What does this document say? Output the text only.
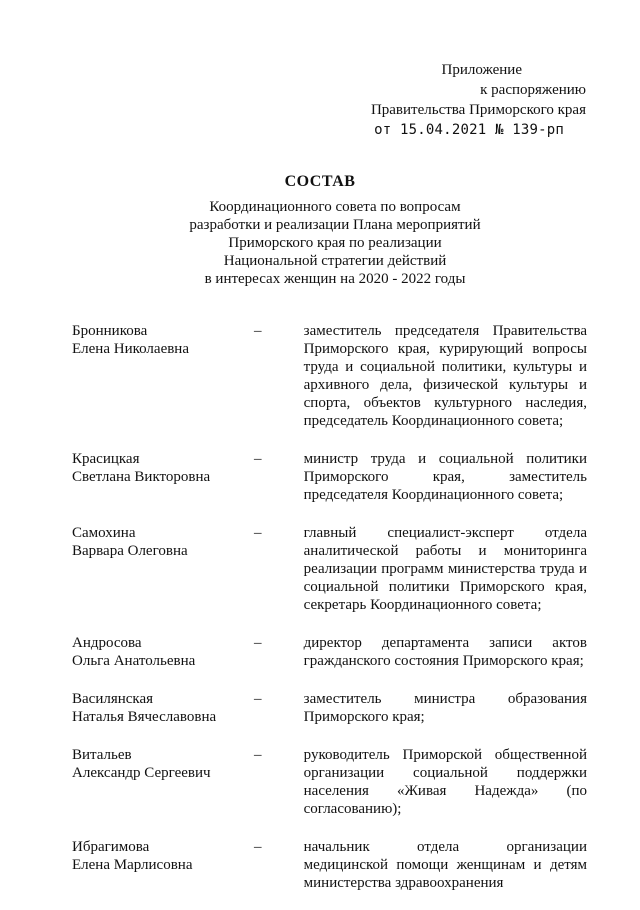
Приложение
к распоряжению
Правительства Приморского края
от 15.04.2021 № 139-рп
СОСТАВ
Координационного совета по вопросам
разработки и реализации Плана мероприятий
Приморского края по реализации
Национальной стратегии действий
в интересах женщин на 2020 - 2022 годы
Бронникова
Елена Николаевна
–	заместитель председателя Правительства Приморского края, курирующий вопросы труда и социальной политики, культуры и архивного дела, физической культуры и спорта, объектов культурного наследия, председатель Координационного совета;
Красицкая
Светлана Викторовна
–	министр труда и социальной политики Приморского края, заместитель председателя Координационного совета;
Самохина
Варвара Олеговна
–	главный специалист-эксперт отдела аналитической работы и мониторинга реализации программ министерства труда и социальной политики Приморского края, секретарь Координационного совета;
Андросова
Ольга Анатольевна
–	директор департамента записи актов гражданского состояния Приморского края;
Василянская
Наталья Вячеславовна
–	заместитель министра образования Приморского края;
Витальев
Александр Сергеевич
–	руководитель Приморской общественной организации социальной поддержки населения «Живая Надежда» (по согласованию);
Ибрагимова
Елена Марлисовна
–	начальник отдела организации медицинской помощи женщинам и детям министерства здравоохранения
